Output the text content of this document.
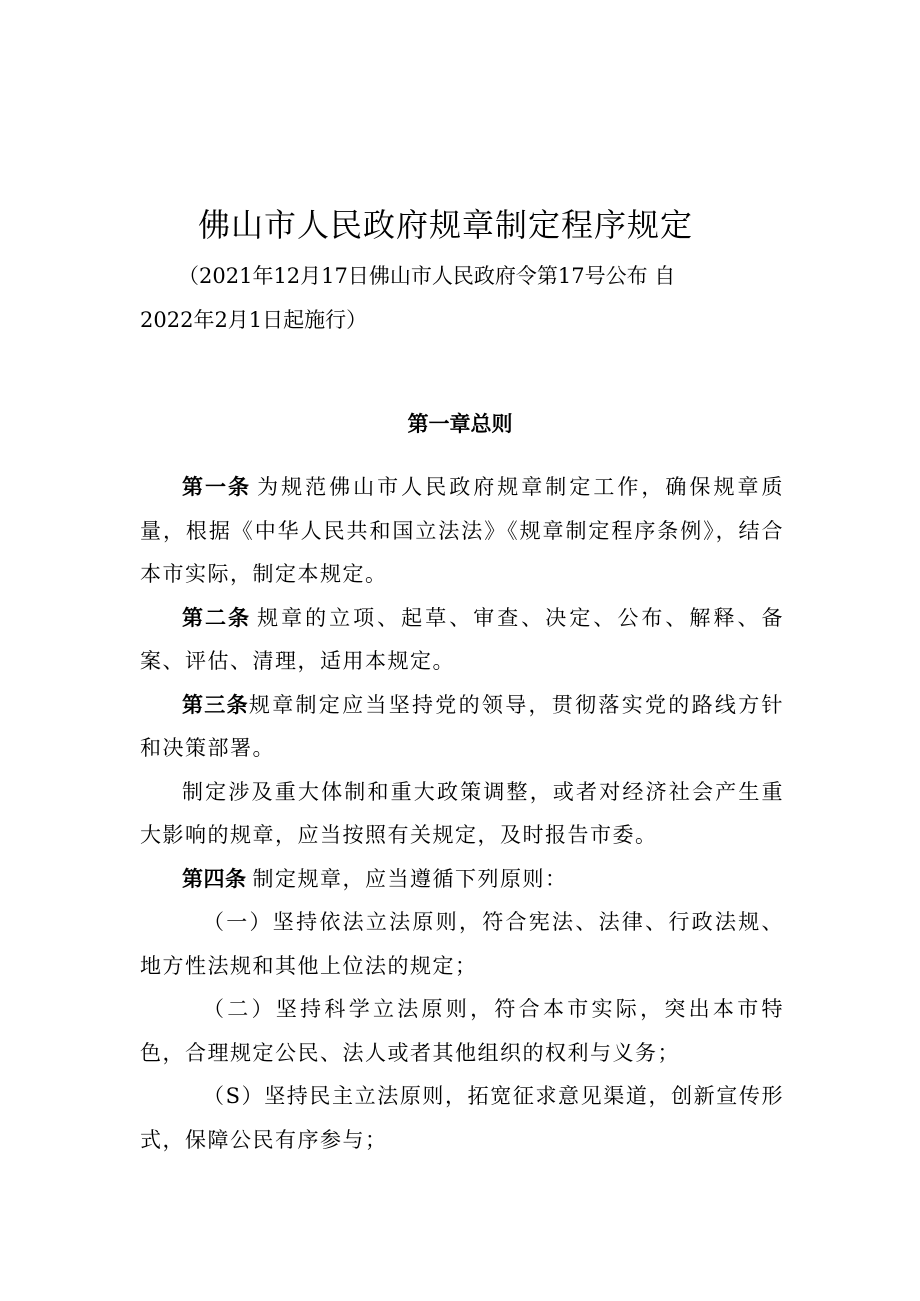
佛山市人民政府规章制定程序规定
（2021年12月17日佛山市人民政府令第17号公布 自
2022年2月1日起施行）
第一章总则

第一条 为规范佛山市人民政府规章制定工作，确保规章质量，根据《中华人民共和国立法法》《规章制定程序条例》，结合本市实际，制定本规定。

第二条 规章的立项、起草、审查、决定、公布、解释、备案、评估、清理，适用本规定。

第三条规章制定应当坚持党的领导，贯彻落实党的路线方针和决策部署。

制定涉及重大体制和重大政策调整，或者对经济社会产生重大影响的规章，应当按照有关规定，及时报告市委。

第四条 制定规章，应当遵循下列原则：

（一）坚持依法立法原则，符合宪法、法律、行政法规、地方性法规和其他上位法的规定；

（二）坚持科学立法原则，符合本市实际，突出本市特色，合理规定公民、法人或者其他组织的权利与义务；

（S）坚持民主立法原则，拓宽征求意见渠道，创新宣传形式，保障公民有序参与；
